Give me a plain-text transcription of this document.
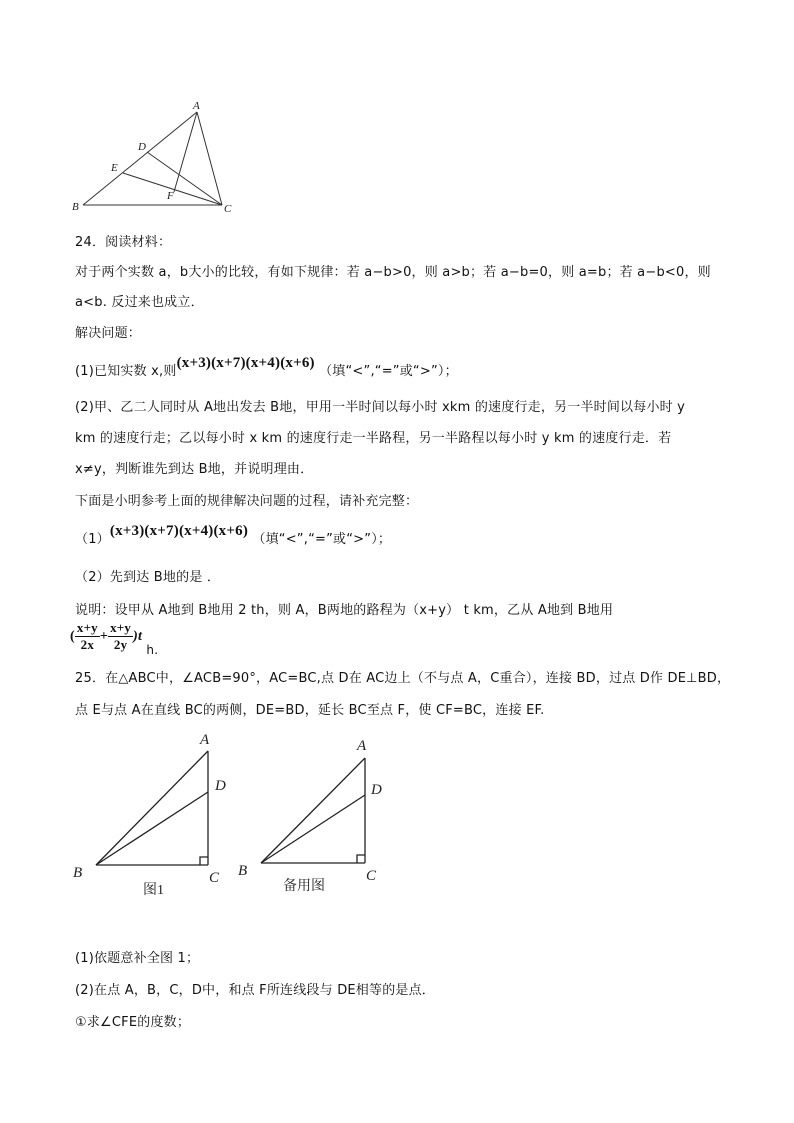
A
D
E
F
B	C
24．阅读材料：
对于两个实数 a，b大小的比较，有如下规律：若 a−b>0，则 a>b；若 a−b=0，则 a=b；若 a−b<0，则
a<b. 反过来也成立．
解决问题：
(1)已知实数 x,则(x+3)(x+7)(x+4)(x+6) （填“<”,“=”或“>”）；
(2)甲、乙二人同时从 A地出发去 B地，甲用一半时间以每小时 xkm 的速度行走，另一半时间以每小时 y
km 的速度行走；乙以每小时 x km 的速度行走一半路程，另一半路程以每小时 y km 的速度行走．若
x≠y，判断谁先到达 B地，并说明理由．
下面是小明参考上面的规律解决问题的过程，请补充完整：
（1）(x+3)(x+7)(x+4)(x+6) （填“<”,“=”或“>”）；
（2）先到达 B地的是 ．
说明：设甲从 A地到 B地用 2 th，则 A，B两地的路程为（x+y） t km，乙从 A地到 B地用
( $\frac{x+y}{2x} + \frac{x+y}{2y} )t$ h.
25．在△ABC中，∠ACB=90°，AC=BC,点 D在 AC边上（不与点 A，C重合），连接 BD，过点 D作 DE⊥BD，
点 E与点 A在直线 BC的两侧，DE=BD，延长 BC至点 F，使 CF=BC，连接 EF.
A
D
B	C
图1
A
D
B	C
备用图
(1)依题意补全图 1；
(2)在点 A，B，C，D中，和点 F所连线段与 DE相等的是点．
①求∠CFE的度数；
